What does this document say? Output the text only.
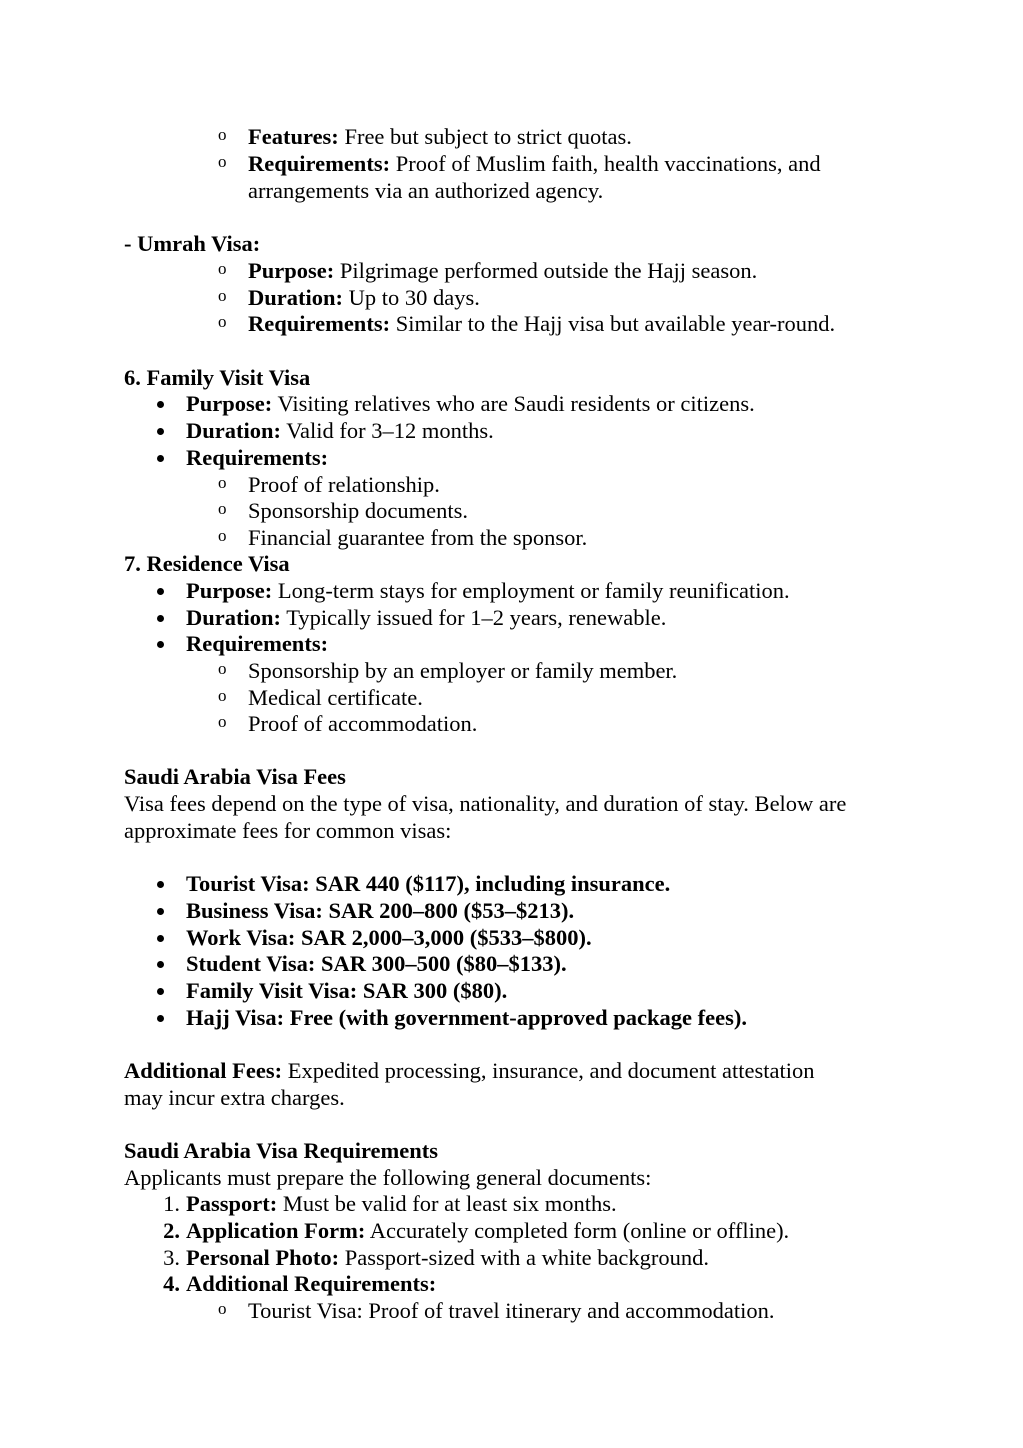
o Features: Free but subject to strict quotas.
o Requirements: Proof of Muslim faith, health vaccinations, and
arrangements via an authorized agency.
- Umrah Visa:
o Purpose: Pilgrimage performed outside the Hajj season.
o Duration: Up to 30 days.
o Requirements: Similar to the Hajj visa but available year-round.
6. Family Visit Visa
Purpose: Visiting relatives who are Saudi residents or citizens.
Duration: Valid for 3–12 months.
Requirements:
o Proof of relationship.
o Sponsorship documents.
o Financial guarantee from the sponsor.
7. Residence Visa
Purpose: Long-term stays for employment or family reunification.
Duration: Typically issued for 1–2 years, renewable.
Requirements:
o Sponsorship by an employer or family member.
o Medical certificate.
o Proof of accommodation.
Saudi Arabia Visa Fees
Visa fees depend on the type of visa, nationality, and duration of stay. Below are
approximate fees for common visas:
Tourist Visa: SAR 440 ($117), including insurance.
Business Visa: SAR 200–800 ($53–$213).
Work Visa: SAR 2,000–3,000 ($533–$800).
Student Visa: SAR 300–500 ($80–$133).
Family Visit Visa: SAR 300 ($80).
Hajj Visa: Free (with government-approved package fees).
Additional Fees: Expedited processing, insurance, and document attestation
may incur extra charges.
Saudi Arabia Visa Requirements
Applicants must prepare the following general documents:
1. Passport: Must be valid for at least six months.
2. Application Form: Accurately completed form (online or offline).
3. Personal Photo: Passport-sized with a white background.
4. Additional Requirements:
o Tourist Visa: Proof of travel itinerary and accommodation.
